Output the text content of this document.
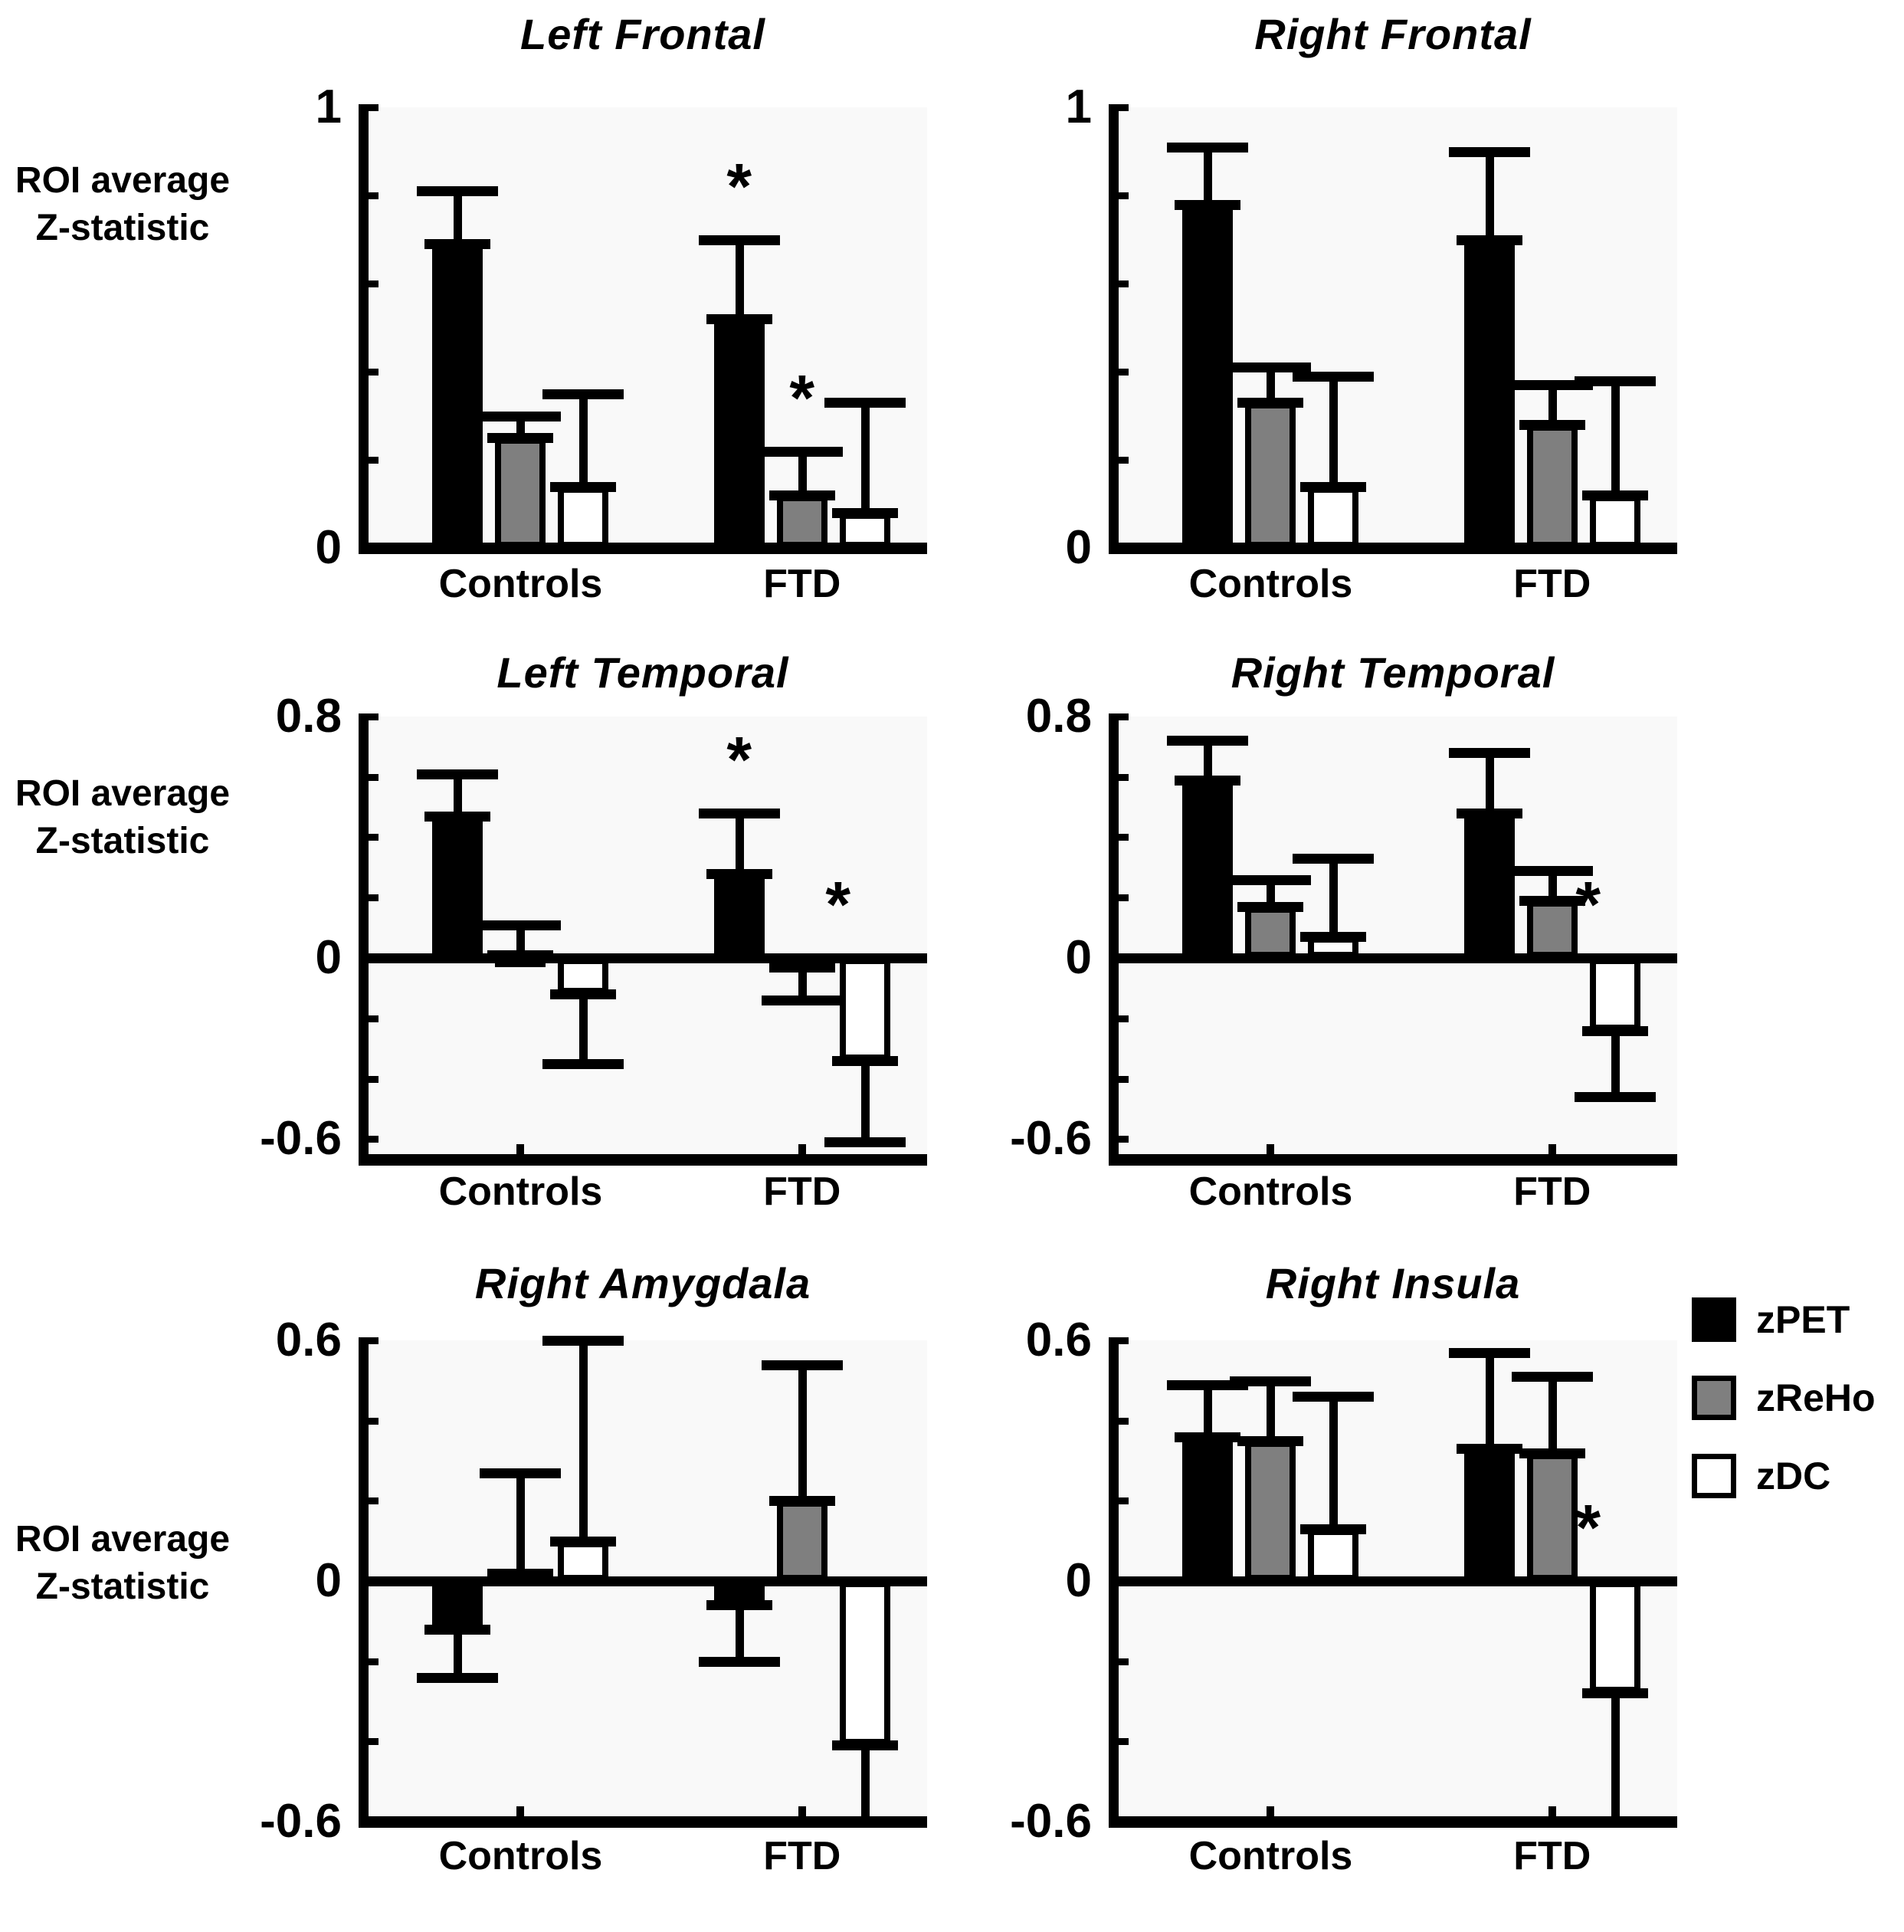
Left Frontal	Right Frontal
Left Temporal	Right Temporal
Right Amygdala	Right Insula
ROI average
Z-statistic
ROI average
Z-statistic
ROI average
Z-statistic
zPET
zReHo
zDC
1
0
Controls	FTD
*
*
1
0
Controls	FTD
0.8
0
-0.6
Controls	FTD
*
*
0.8
0
-0.6
Controls	FTD
*
0.6
0
-0.6
Controls	FTD
0.6
0
-0.6
Controls	FTD
*
